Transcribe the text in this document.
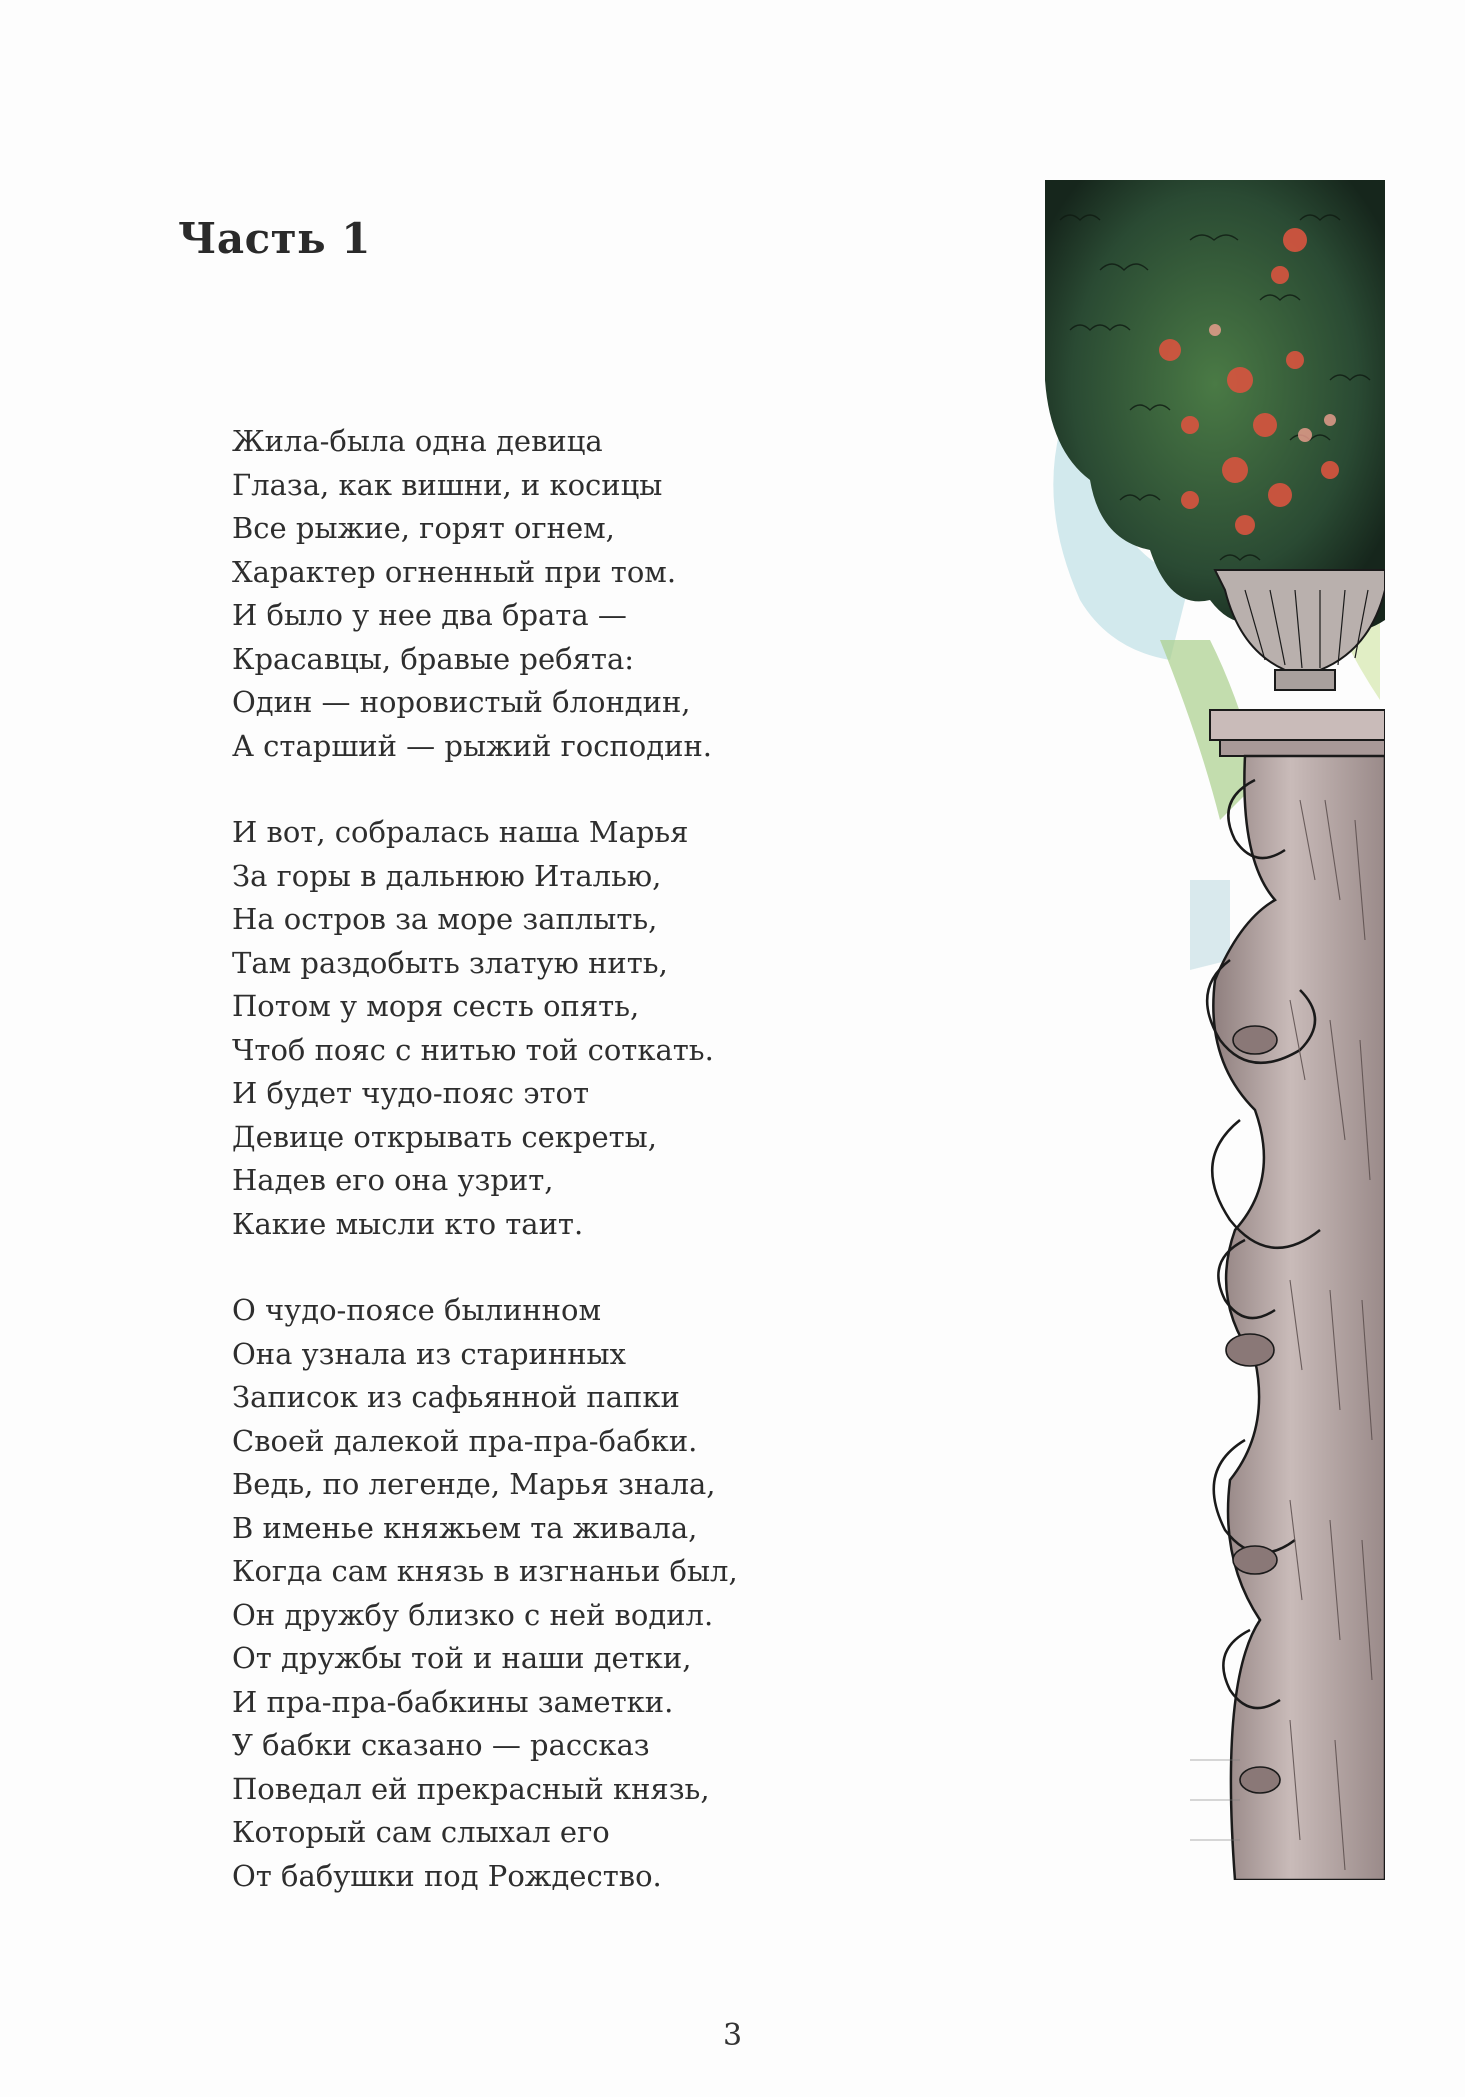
Часть 1
Жила-была одна девица
Глаза, как вишни, и косицы
Все рыжие, горят огнем,
Характер огненный при том.
И было у нее два брата —
Красавцы, бравые ребята:
Один — норовистый блондин,
А старший — рыжий господин.
И вот, собралась наша Марья
За горы в дальнюю Италью,
На остров за море заплыть,
Там раздобыть златую нить,
Потом у моря сесть опять,
Чтоб пояс с нитью той соткать.
И будет чудо-пояс этот
Девице открывать секреты,
Надев его она узрит,
Какие мысли кто таит.
О чудо-поясе былинном
Она узнала из старинных
Записок из сафьянной папки
Своей далекой пра-пра-бабки.
Ведь, по легенде, Марья знала,
В именье княжьем та живала,
Когда сам князь в изгнаньи был,
Он дружбу близко с ней водил.
От дружбы той и наши детки,
И пра-пра-бабкины заметки.
У бабки сказано — рассказ
Поведал ей прекрасный князь,
Который сам слыхал его
От бабушки под Рождество.
3
